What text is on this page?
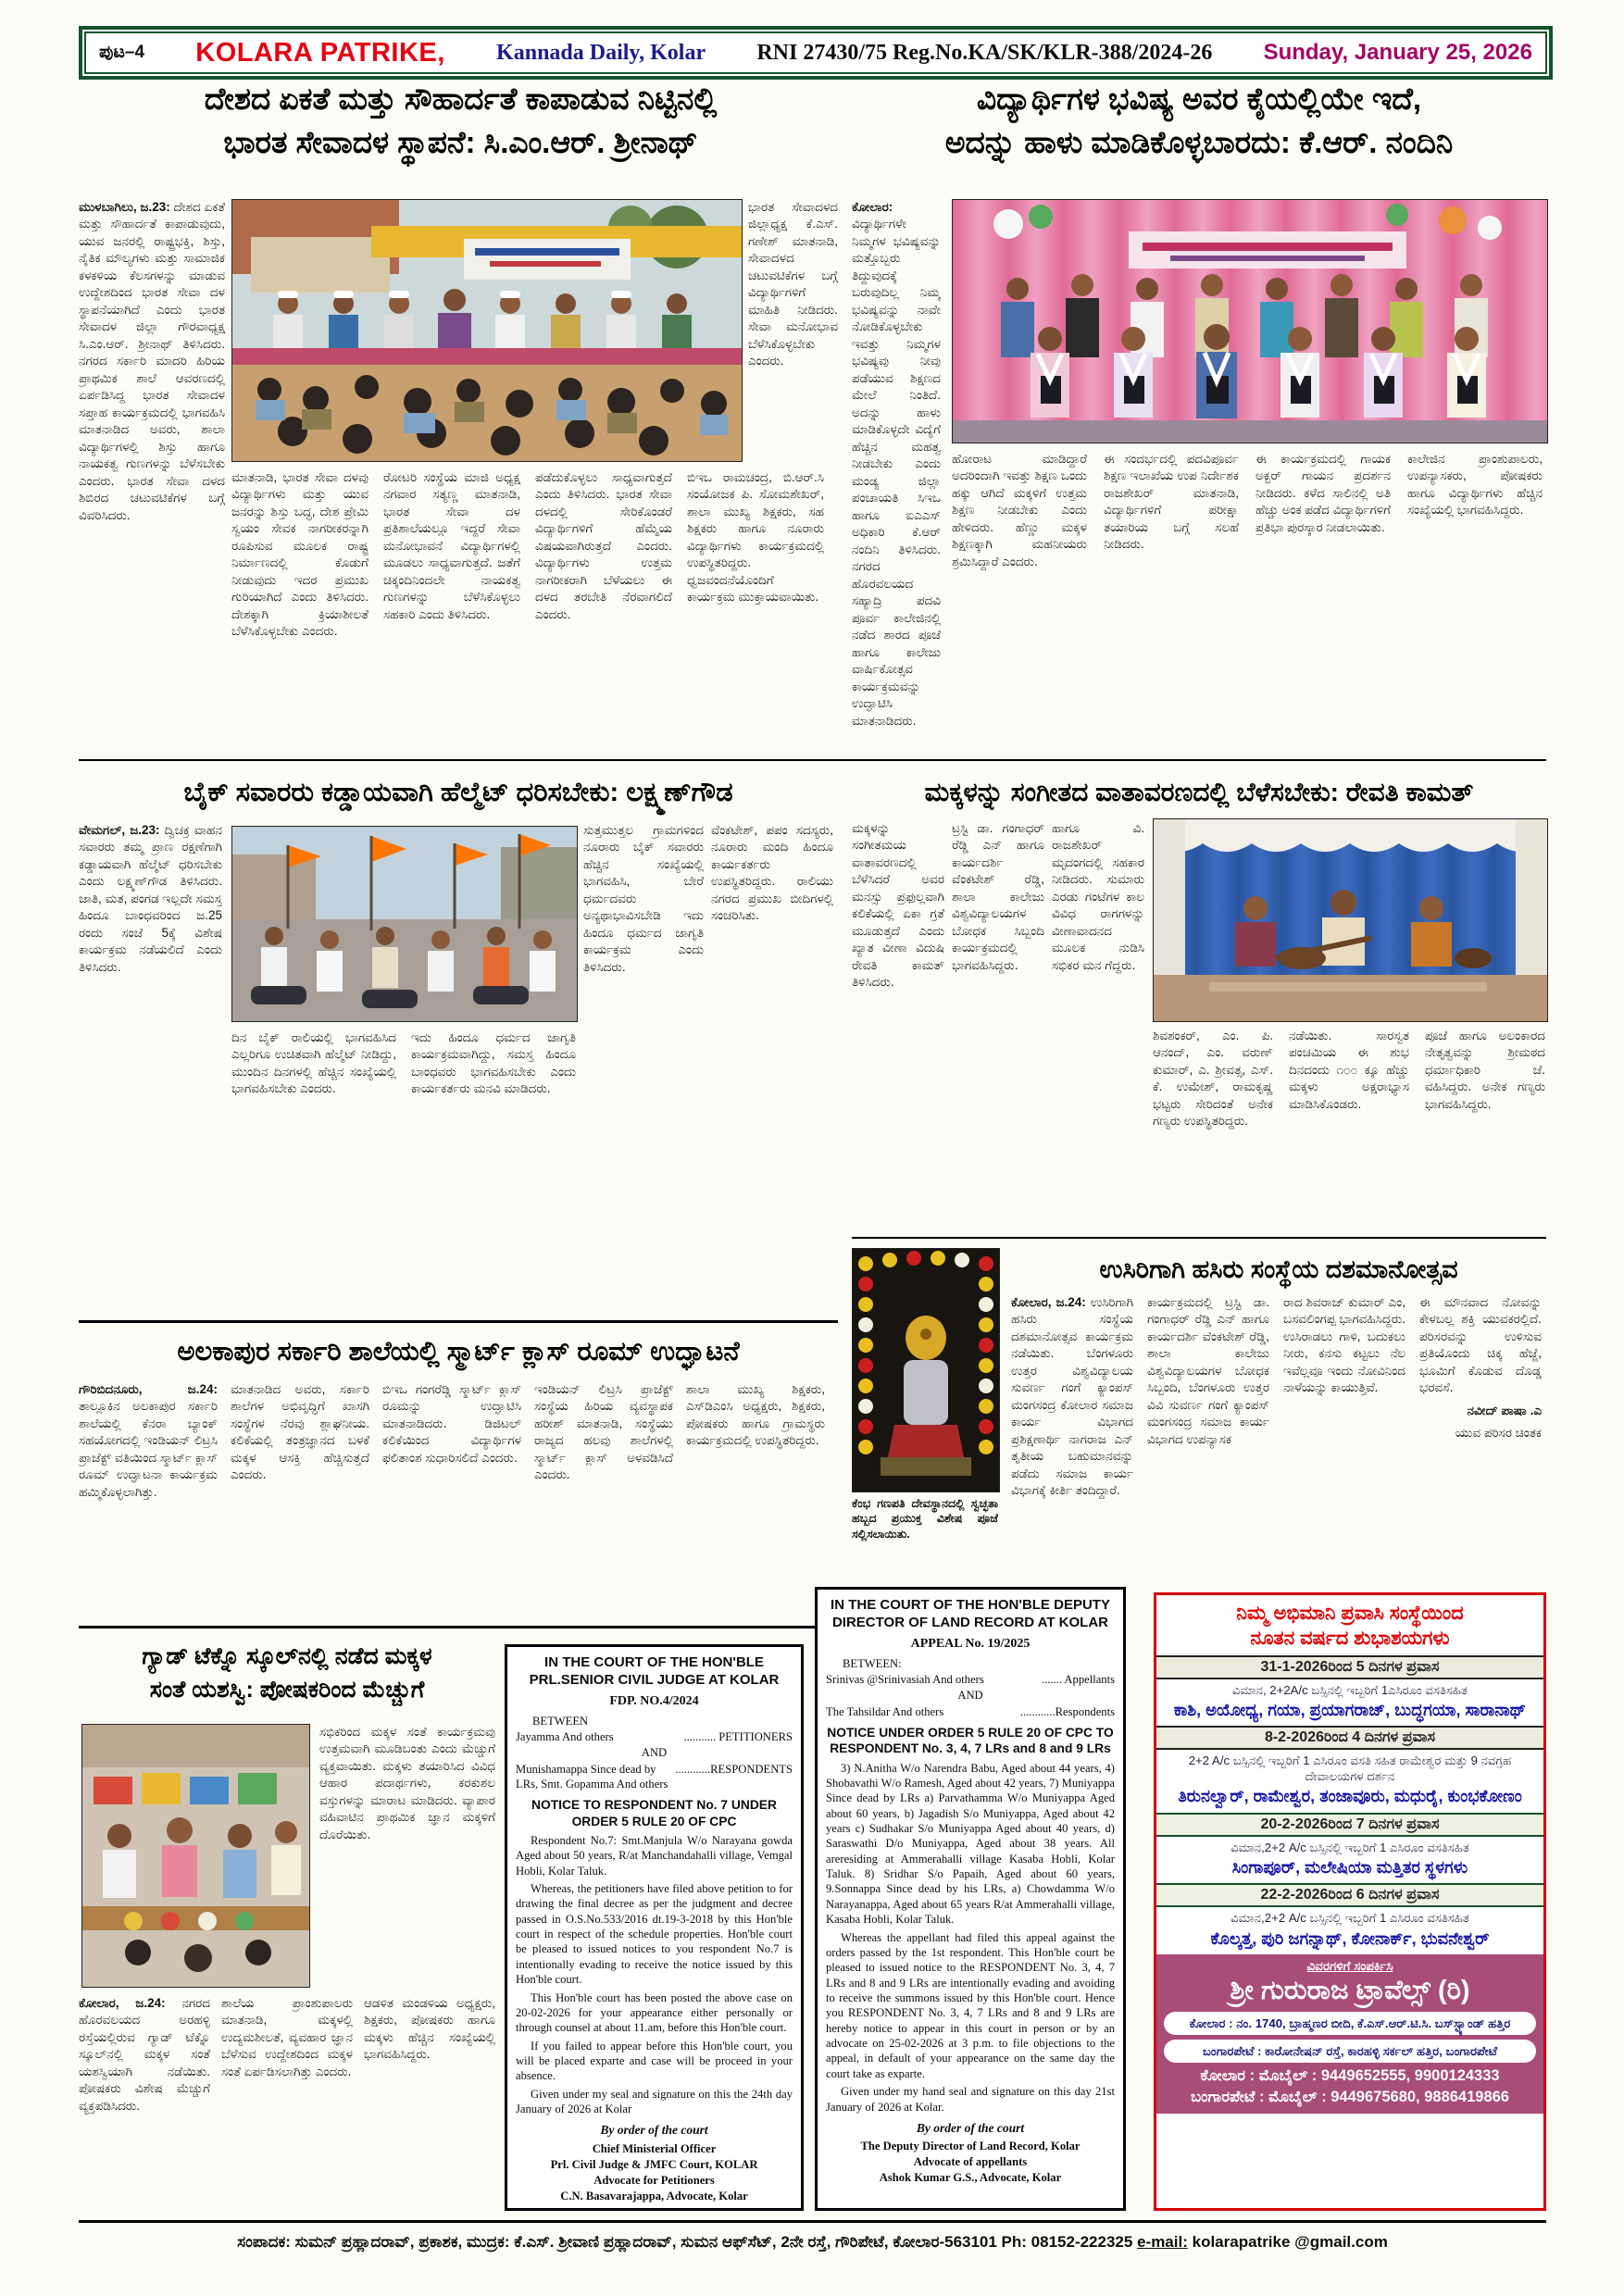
ಪುಟ–4 KOLARA PATRIKE, Kannada Daily, Kolar RNI 27430/75 Reg.No.KA/SK/KLR-388/2024-26 Sunday, January 25, 2026
ದೇಶದ ಏಕತೆ ಮತ್ತು ಸೌಹಾರ್ದತೆ ಕಾಪಾಡುವ ನಿಟ್ಟಿನಲ್ಲಿ
ಭಾರತ ಸೇವಾದಳ ಸ್ಥಾಪನೆ: ಸಿ.ಎಂ.ಆರ್. ಶ್ರೀನಾಥ್
ಮುಳಬಾಗಿಲು, ಜ.23: ದೇಶದ ಏಕತೆ ಮತ್ತು ಸೌಹಾರ್ದತೆ ಕಾಪಾಡುವುದು, ಯುವ ಜನರಲ್ಲಿ ರಾಷ್ಟ್ರಭಕ್ತಿ, ಶಿಸ್ತು, ನೈತಿಕ ಮೌಲ್ಯಗಳು ಮತ್ತು ಸಾಮಾಜಿಕ ಕಳಕಳಿಯ ಕೆಲಸಗಳನ್ನು ಮಾಡುವ ಉದ್ದೇಶದಿಂದ ಭಾರತ ಸೇವಾ ದಳ ಸ್ಥಾಪನೆಯಾಗಿದೆ ಎಂದು ಭಾರತ ಸೇವಾದಳ ಜಿಲ್ಲಾ ಗೌರವಾಧ್ಯಕ್ಷ ಸಿ.ಎಂ.ಆರ್. ಶ್ರೀನಾಥ್ ತಿಳಿಸಿದರು. ನಗರದ ಸರ್ಕಾರಿ ಮಾದರಿ ಹಿರಿಯ ಪ್ರಾಥಮಿಕ ಶಾಲೆ ಆವರಣದಲ್ಲಿ ಏರ್ಪಡಿಸಿದ್ದ ಭಾರತ ಸೇವಾದಳ ಸಪ್ತಾಹ ಕಾರ್ಯಕ್ರಮದಲ್ಲಿ ಭಾಗವಹಿಸಿ ಮಾತನಾಡಿದ ಅವರು, ಶಾಲಾ ವಿದ್ಯಾರ್ಥಿಗಳಲ್ಲಿ ಶಿಸ್ತು ಹಾಗೂ ನಾಯಕತ್ವ ಗುಣಗಳನ್ನು ಬೆಳೆಸಬೇಕು ಎಂದರು. ಭಾರತ ಸೇವಾ ದಳದ ಶಿಬಿರದ ಚಟುವಟಿಕೆಗಳ ಬಗ್ಗೆ ವಿವರಿಸಿದರು.
ಭಾರತ ಸೇವಾದಳದ ಜಿಲ್ಲಾಧ್ಯಕ್ಷ ಕೆ.ಎಸ್. ಗಣೇಶ್ ಮಾತನಾಡಿ, ಸೇವಾದಳದ ಚಟುವಟಿಕೆಗಳ ಬಗ್ಗೆ ವಿದ್ಯಾರ್ಥಿಗಳಿಗೆ ಮಾಹಿತಿ ನೀಡಿದರು. ಸೇವಾ ಮನೋಭಾವ ಬೆಳೆಸಿಕೊಳ್ಳಬೇಕು ಎಂದರು.
ಮಾತನಾಡಿ, ಭಾರತ ಸೇವಾ ದಳವು ವಿದ್ಯಾರ್ಥಿಗಳು ಮತ್ತು ಯುವ ಜನರನ್ನು ಶಿಸ್ತು ಬದ್ಧ, ದೇಶ ಪ್ರೇಮಿ ಸ್ವಯಂ ಸೇವಕ ನಾಗರೀಕರನ್ನಾಗಿ ರೂಪಿಸುವ ಮೂಲಕ ರಾಷ್ಟ್ರ ನಿರ್ಮಾಣದಲ್ಲಿ ಕೊಡುಗೆ ನೀಡುವುದು ಇದರ ಪ್ರಮುಖ ಗುರಿಯಾಗಿದೆ ಎಂದು ತಿಳಿಸಿದರು. ದೇಶಕ್ಕಾಗಿ ಕ್ರಿಯಾಶೀಲತೆ ಬೆಳೆಸಿಕೊಳ್ಳಬೇಕು ಎಂದರು.
ರೋಟರಿ ಸಂಸ್ಥೆಯ ಮಾಜಿ ಅಧ್ಯಕ್ಷ ನಗವಾರ ಸತ್ಯಣ್ಣ ಮಾತನಾಡಿ, ಭಾರತ ಸೇವಾ ದಳ ಪ್ರತಿಶಾಲೆಯಲ್ಲೂ ಇದ್ದರೆ ಸೇವಾ ಮನೋಭಾವನೆ ವಿದ್ಯಾರ್ಥಿಗಳಲ್ಲಿ ಮೂಡಲು ಸಾಧ್ಯವಾಗುತ್ತದೆ. ಜತೆಗೆ ಚಿಕ್ಕಂದಿನಿಂದಲೇ ನಾಯಕತ್ವ ಗುಣಗಳನ್ನು ಬೆಳೆಸಿಕೊಳ್ಳಲು ಸಹಕಾರಿ ಎಂದು ತಿಳಿಸಿದರು.
ಪಡೆದುಕೊಳ್ಳಲು ಸಾಧ್ಯವಾಗುತ್ತದೆ ಎಂದು ತಿಳಿಸಿದರು. ಭಾರತ ಸೇವಾ ದಳದಲ್ಲಿ ಸೇರಿಕೊಂಡರೆ ವಿದ್ಯಾರ್ಥಿಗಳಿಗೆ ಹೆಮ್ಮೆಯ ವಿಷಯವಾಗಿರುತ್ತದೆ ಎಂದರು. ವಿದ್ಯಾರ್ಥಿಗಳು ಉತ್ತಮ ನಾಗರೀಕರಾಗಿ ಬೆಳೆಯಲು ಈ ದಳದ ತರಬೇತಿ ನೆರವಾಗಲಿದೆ ಎಂದರು.
ಬಿಇಒ ರಾಮಚಂದ್ರ, ಬಿ.ಆರ್.ಸಿ ಸಂಯೋಜಕ ಪಿ. ಸೋಮಶೇಖರ್, ಶಾಲಾ ಮುಖ್ಯ ಶಿಕ್ಷಕರು, ಸಹ ಶಿಕ್ಷಕರು ಹಾಗೂ ನೂರಾರು ವಿದ್ಯಾರ್ಥಿಗಳು ಕಾರ್ಯಕ್ರಮದಲ್ಲಿ ಉಪಸ್ಥಿತರಿದ್ದರು. ಧ್ವಜವಂದನೆಯೊಂದಿಗೆ ಕಾರ್ಯಕ್ರಮ ಮುಕ್ತಾಯವಾಯಿತು.
ವಿದ್ಯಾರ್ಥಿಗಳ ಭವಿಷ್ಯ ಅವರ ಕೈಯಲ್ಲಿಯೇ ಇದೆ,
ಅದನ್ನು ಹಾಳು ಮಾಡಿಕೊಳ್ಳಬಾರದು: ಕೆ.ಆರ್. ನಂದಿನಿ
ಕೋಲಾರ: ವಿದ್ಯಾರ್ಥಿಗಳೇ ನಿಮ್ಮಗಳ ಭವಿಷ್ಯವನ್ನು ಮತ್ತೊಬ್ಬರು ತಿದ್ದುವುದಕ್ಕೆ ಬರುವುದಿಲ್ಲ ನಿಮ್ಮ ಭವಿಷ್ಯವನ್ನು ನಾವೇ ನೋಡಿಕೊಳ್ಳಬೇಕು ಇವತ್ತು ನಿಮ್ಮಗಳ ಭವಿಷ್ಯವು ನೀವು ಪಡೆಯುವ ಶಿಕ್ಷಣದ ಮೇಲೆ ನಿಂತಿದೆ. ಅದನ್ನು ಹಾಳು ಮಾಡಿಕೊಳ್ಳದೇ ವಿದ್ಯೆಗೆ ಹೆಚ್ಚಿನ ಮಹತ್ವ ನೀಡಬೇಕು ಎಂದು ಮಂಡ್ಯ ಜಿಲ್ಲಾ ಪಂಚಾಯತಿ ಸಿಇಒ ಹಾಗೂ ಐಎಎಸ್ ಅಧಿಕಾರಿ ಕೆ.ಆರ್ ನಂದಿನಿ ತಿಳಿಸಿದರು. ನಗರದ ಹೊರವಲಯದ ಸಹ್ಯಾದ್ರಿ ಪದವಿ ಪೂರ್ವ ಕಾಲೇಜಿನಲ್ಲಿ ನಡೆದ ಶಾರದ ಪೂಜೆ ಹಾಗೂ ಕಾಲೇಜು ವಾರ್ಷಿಕೋತ್ಸವ ಕಾರ್ಯಕ್ರಮವನ್ನು ಉದ್ಘಾಟಿಸಿ ಮಾತನಾಡಿದರು.
ಹೋರಾಟ ಮಾಡಿದ್ದಾರೆ ಅದರಿಂದಾಗಿ ಇವತ್ತು ಶಿಕ್ಷಣ ಒಂದು ಹಕ್ಕು ಆಗಿದೆ ಮಕ್ಕಳಿಗೆ ಉತ್ತಮ ಶಿಕ್ಷಣ ನೀಡಬೇಕು ಎಂದು ಹೇಳಿದರು. ಹೆಣ್ಣು ಮಕ್ಕಳ ಶಿಕ್ಷಣಕ್ಕಾಗಿ ಮಹನೀಯರು ಶ್ರಮಿಸಿದ್ದಾರೆ ಎಂದರು.
ಈ ಸಂದರ್ಭದಲ್ಲಿ ಪದವಿಪೂರ್ವ ಶಿಕ್ಷಣ ಇಲಾಖೆಯ ಉಪ ನಿರ್ದೇಶಕ ರಾಜಶೇಖರ್ ಮಾತನಾಡಿ, ವಿದ್ಯಾರ್ಥಿಗಳಿಗೆ ಪರೀಕ್ಷಾ ತಯಾರಿಯ ಬಗ್ಗೆ ಸಲಹೆ ನೀಡಿದರು.
ಈ ಕಾರ್ಯಕ್ರಮದಲ್ಲಿ ಗಾಯಕ ಅಕ್ಬರ್ ಗಾಯನ ಪ್ರದರ್ಶನ ನೀಡಿದರು. ಕಳೆದ ಸಾಲಿನಲ್ಲಿ ಅತಿ ಹೆಚ್ಚು ಅಂಕ ಪಡೆದ ವಿದ್ಯಾರ್ಥಿಗಳಿಗೆ ಪ್ರತಿಭಾ ಪುರಸ್ಕಾರ ನೀಡಲಾಯಿತು.
ಕಾಲೇಜಿನ ಪ್ರಾಂಶುಪಾಲರು, ಉಪನ್ಯಾಸಕರು, ಪೋಷಕರು ಹಾಗೂ ವಿದ್ಯಾರ್ಥಿಗಳು ಹೆಚ್ಚಿನ ಸಂಖ್ಯೆಯಲ್ಲಿ ಭಾಗವಹಿಸಿದ್ದರು.
ಬೈಕ್ ಸವಾರರು ಕಡ್ಡಾಯವಾಗಿ ಹೆಲ್ಮೆಟ್ ಧರಿಸಬೇಕು: ಲಕ್ಷ್ಮಣ್‌ಗೌಡ
ವೇಮಗಲ್, ಜ.23: ದ್ವಿಚಕ್ರ ವಾಹನ ಸವಾರರು ತಮ್ಮ ಪ್ರಾಣ ರಕ್ಷಣೆಗಾಗಿ ಕಡ್ಡಾಯವಾಗಿ ಹೆಲ್ಮೆಟ್ ಧರಿಸಬೇಕು ಎಂದು ಲಕ್ಷ್ಮಣ್‌ಗೌಡ ತಿಳಿಸಿದರು. ಜಾತಿ, ಮತ, ಪಂಗಡ ಇಲ್ಲದೇ ಸಮಸ್ತ ಹಿಂದೂ ಬಾಂಧವರಿಂದ ಜ.25 ರಂದು ಸಂಜೆ 5ಕ್ಕೆ ವಿಶೇಷ ಕಾರ್ಯಕ್ರಮ ನಡೆಯಲಿದೆ ಎಂದು ತಿಳಿಸಿದರು.
ಸುತ್ತಮುತ್ತಲ ಗ್ರಾಮಗಳಿಂದ ನೂರಾರು ಬೈಕ್ ಸವಾರರು ಹೆಚ್ಚಿನ ಸಂಖ್ಯೆಯಲ್ಲಿ ಭಾಗವಹಿಸಿ, ಬೇರೆ ಧರ್ಮದವರು ಅನ್ಯಥಾಭಾವಿಸಬೇಡಿ ಇದು ಹಿಂದೂ ಧರ್ಮದ ಜಾಗೃತಿ ಕಾರ್ಯಕ್ರಮ ಎಂದು ತಿಳಿಸಿದರು.
ವೆಂಕಟೇಶ್, ಪಪಂ ಸದಸ್ಯರು, ನೂರಾರು ಮಂದಿ ಹಿಂದೂ ಕಾರ್ಯಕರ್ತರು ಉಪಸ್ಥಿತರಿದ್ದರು. ರಾಲಿಯು ನಗರದ ಪ್ರಮುಖ ಬೀದಿಗಳಲ್ಲಿ ಸಂಚರಿಸಿತು.
ದಿನ ಬೈಕ್ ರಾಲಿಯಲ್ಲಿ ಭಾಗವಹಿಸಿದ ಎಲ್ಲರಿಗೂ ಉಚಿತವಾಗಿ ಹೆಲ್ಮೆಟ್ ನೀಡಿದ್ದು, ಮುಂದಿನ ದಿನಗಳಲ್ಲಿ ಹೆಚ್ಚಿನ ಸಂಖ್ಯೆಯಲ್ಲಿ ಭಾಗವಹಿಸಬೇಕು ಎಂದರು.
ಇದು ಹಿಂದೂ ಧರ್ಮದ ಜಾಗೃತಿ ಕಾರ್ಯಕ್ರಮವಾಗಿದ್ದು, ಸಮಸ್ತ ಹಿಂದೂ ಬಾಂಧವರು ಭಾಗವಹಿಸಬೇಕು ಎಂದು ಕಾರ್ಯಕರ್ತರು ಮನವಿ ಮಾಡಿದರು.
ಮಕ್ಕಳನ್ನು ಸಂಗೀತದ ವಾತಾವರಣದಲ್ಲಿ ಬೆಳೆಸಬೇಕು: ರೇವತಿ ಕಾಮತ್
ಮಕ್ಕಳನ್ನು ಸಂಗೀತಮಯ ವಾತಾವರಣದಲ್ಲಿ ಬೆಳೆಸಿದರೆ ಅವರ ಮನಸ್ಸು ಪ್ರಫುಲ್ಲವಾಗಿ ಕಲಿಕೆಯಲ್ಲಿ ಏಕಾ ಗ್ರತೆ ಮೂಡುತ್ತದೆ ಎಂದು ಖ್ಯಾತ ವೀಣಾ ವಿದುಷಿ ರೇವತಿ ಕಾಮತ್ ತಿಳಿಸಿದರು.
ಟ್ರಸ್ಟಿ ಡಾ. ಗಂಗಾಧರ್ ರೆಡ್ಡಿ ಎನ್ ಹಾಗೂ ಕಾರ್ಯದರ್ಶಿ ವೆಂಕಟೇಶ್ ರೆಡ್ಡಿ, ಶಾಲಾ ಕಾಲೇಜು ವಿಶ್ವವಿದ್ಯಾಲಯಗಳ ಬೋಧಕ ಸಿಬ್ಬಂದಿ ಕಾರ್ಯಕ್ರಮದಲ್ಲಿ ಭಾಗವಹಿಸಿದ್ದರು.
ಹಾಗೂ ವಿ. ರಾಜಶೇಖರ್ ಮೃದಂಗದಲ್ಲಿ ಸಹಕಾರ ನೀಡಿದರು. ಸುಮಾರು ಎರಡು ಗಂಟೆಗಳ ಕಾಲ ವಿವಿಧ ರಾಗಗಳನ್ನು ವೀಣಾವಾದನದ ಮೂಲಕ ನುಡಿಸಿ ಸಭಿಕರ ಮನ ಗೆದ್ದರು.
ಶಿವಶಂಕರ್, ಎಂ. ಪಿ. ಆನಂದ್, ಎಂ. ವರುಣ್ ಕುಮಾರ್, ಎ. ಶ್ರೀವತ್ಸ, ಎಸ್. ಕೆ. ಉಮೇಶ್, ರಾಮಕೃಷ್ಣ ಭಟ್ಟರು ಸೇರಿದಂತೆ ಅನೇಕ ಗಣ್ಯರು ಉಪಸ್ಥಿತರಿದ್ದರು.
ನಡೆಯಿತು. ಸಾರಸ್ವತ ಪಂಚಮಿಯ ಈ ಶುಭ ದಿನದಂದು ೧೦೦ ಕ್ಕೂ ಹೆಚ್ಚು ಮಕ್ಕಳು ಅಕ್ಷರಾಭ್ಯಾಸ ಮಾಡಿಸಿಕೊಂಡರು.
ಪೂಜೆ ಹಾಗೂ ಅಲಂಕಾರದ ನೇತೃತ್ವವನ್ನು ಶ್ರೀಮಠದ ಧರ್ಮಾಧಿಕಾರಿ ಜೆ. ವಹಿಸಿದ್ದರು. ಅನೇಕ ಗಣ್ಯರು ಭಾಗವಹಿಸಿದ್ದರು.
ಕೆಂಭ ಗಣಪತಿ ದೇವಸ್ಥಾನದಲ್ಲಿ ಸ್ವಚ್ಛತಾ ಹಬ್ಬದ ಪ್ರಯುಕ್ತ ವಿಶೇಷ ಪೂಜೆ ಸಲ್ಲಿಸಲಾಯಿತು.
ಉಸಿರಿಗಾಗಿ ಹಸಿರು ಸಂಸ್ಥೆಯ ದಶಮಾನೋತ್ಸವ
ಕೋಲಾರ, ಜ.24: ಉಸಿರಿಗಾಗಿ ಹಸಿರು ಸಂಸ್ಥೆಯ ದಶಮಾನೋತ್ಸವ ಕಾರ್ಯಕ್ರಮ ನಡೆಯಿತು. ಬೆಂಗಳೂರು ಉತ್ತರ ವಿಶ್ವವಿದ್ಯಾಲಯ ಸುವರ್ಣ ಗಂಗೆ ಕ್ಯಾಂಪಸ್ ಮಂಗಸಂದ್ರ ಕೋಲಾರ ಸಮಾಜ ಕಾರ್ಯ ವಿಭಾಗದ ಪ್ರಶಿಕ್ಷಣಾರ್ಥಿ ನಾಗರಾಜ ಎನ್ ತೃತೀಯ ಬಹುಮಾನವನ್ನು ಪಡೆದು ಸಮಾಜ ಕಾರ್ಯ ವಿಭಾಗಕ್ಕೆ ಕೀರ್ತಿ ತಂದಿದ್ದಾರೆ.
ಕಾರ್ಯಕ್ರಮದಲ್ಲಿ ಟ್ರಸ್ಟಿ ಡಾ. ಗಂಗಾಧರ್ ರೆಡ್ಡಿ ಎನ್ ಹಾಗೂ ಕಾರ್ಯದರ್ಶಿ ವೆಂಕಟೇಶ್ ರೆಡ್ಡಿ, ಶಾಲಾ ಕಾಲೇಜು ವಿಶ್ವವಿದ್ಯಾಲಯಗಳ ಬೋಧಕ ಸಿಬ್ಬಂದಿ, ಬೆಂಗಳೂರು ಉತ್ತರ ವಿವಿ ಸುವರ್ಣ ಗಂಗೆ ಕ್ಯಾಂಪಸ್ ಮಂಗಸಂದ್ರ ಸಮಾಜ ಕಾರ್ಯ ವಿಭಾಗದ ಉಪನ್ಯಾಸಕ
ರಾದ ಶಿವರಾಜ್ ಕುಮಾರ್ ಎಂ, ಬಸವಲಿಂಗಪ್ಪ ಭಾಗವಹಿಸಿದ್ದರು. ಉಸಿರಾಡಲು ಗಾಳಿ, ಬದುಕಲು ನೀರು, ಕನಸು ಕಟ್ಟಲು ನೆಲ ಇವೆಲ್ಲವೂ ಇಂದು ನೋವಿನಿಂದ ನಾಳೆಯನ್ನು ಕಾಯುತ್ತಿವೆ.
ಈ ಮೌನವಾದ ನೋವನ್ನು ಕೇಳಬಲ್ಲ ಶಕ್ತಿ ಯುವಕರಲ್ಲಿದೆ. ಪರಿಸರವನ್ನು ಉಳಿಸುವ ಪ್ರತಿಯೊಂದು ಚಿಕ್ಕ ಹೆಜ್ಜೆ, ಭೂಮಿಗೆ ಕೊಡುವ ದೊಡ್ಡ ಭರವಸೆ.
ನವೀದ್ ಪಾಷಾ .ಎ
ಯುವ ಪರಿಸರ ಚಿಂತಕ
ಅಲಕಾಪುರ ಸರ್ಕಾರಿ ಶಾಲೆಯಲ್ಲಿ ಸ್ಮಾರ್ಟ್ ಕ್ಲಾಸ್ ರೂಮ್ ಉದ್ಘಾಟನೆ
ಗೌರಿಬಿದನೂರು, ಜ.24: ತಾಲ್ಲೂಕಿನ ಅಲಕಾಪುರ ಸರ್ಕಾರಿ ಶಾಲೆಯಲ್ಲಿ ಕೆನರಾ ಬ್ಯಾಂಕ್ ಸಹಯೋಗದಲ್ಲಿ ಇಂಡಿಯನ್ ಲಿಟ್ರಸಿ ಪ್ರಾಜೆಕ್ಟ್ ವತಿಯಿಂದ ಸ್ಮಾರ್ಟ್ ಕ್ಲಾಸ್ ರೂಮ್ ಉದ್ಘಾಟನಾ ಕಾರ್ಯಕ್ರಮ ಹಮ್ಮಿಕೊಳ್ಳಲಾಗಿತ್ತು.
ಮಾತನಾಡಿದ ಅವರು, ಸರ್ಕಾರಿ ಶಾಲೆಗಳ ಅಭಿವೃದ್ಧಿಗೆ ಖಾಸಗಿ ಸಂಸ್ಥೆಗಳ ನೆರವು ಶ್ಲಾಘನೀಯ. ಕಲಿಕೆಯಲ್ಲಿ ತಂತ್ರಜ್ಞಾನದ ಬಳಕೆ ಮಕ್ಕಳ ಆಸಕ್ತಿ ಹೆಚ್ಚಿಸುತ್ತದೆ ಎಂದರು.
ಬಿಇಒ ಗಂಗರೆಡ್ಡಿ ಸ್ಮಾರ್ಟ್ ಕ್ಲಾಸ್ ರೂಮನ್ನು ಉದ್ಘಾಟಿಸಿ ಮಾತನಾಡಿದರು. ಡಿಜಿಟಲ್ ಕಲಿಕೆಯಿಂದ ವಿದ್ಯಾರ್ಥಿಗಳ ಫಲಿತಾಂಶ ಸುಧಾರಿಸಲಿದೆ ಎಂದರು.
ಇಂಡಿಯನ್ ಲಿಟ್ರಸಿ ಪ್ರಾಜೆಕ್ಟ್ ಸಂಸ್ಥೆಯ ಹಿರಿಯ ವ್ಯವಸ್ಥಾಪಕ ಹರೀಶ್ ಮಾತನಾಡಿ, ಸಂಸ್ಥೆಯು ರಾಜ್ಯದ ಹಲವು ಶಾಲೆಗಳಲ್ಲಿ ಸ್ಮಾರ್ಟ್ ಕ್ಲಾಸ್ ಅಳವಡಿಸಿದೆ ಎಂದರು.
ಶಾಲಾ ಮುಖ್ಯ ಶಿಕ್ಷಕರು, ಎಸ್‌ಡಿಎಂಸಿ ಅಧ್ಯಕ್ಷರು, ಶಿಕ್ಷಕರು, ಪೋಷಕರು ಹಾಗೂ ಗ್ರಾಮಸ್ಥರು ಕಾರ್ಯಕ್ರಮದಲ್ಲಿ ಉಪಸ್ಥಿತರಿದ್ದರು.
ಗ್ಯಾಡ್ ಟೆಕ್ನೊ ಸ್ಕೂಲ್‌ನಲ್ಲಿ ನಡೆದ ಮಕ್ಕಳ
ಸಂತೆ ಯಶಸ್ವಿ: ಪೋಷಕರಿಂದ ಮೆಚ್ಚುಗೆ
ಸಭಿಕರಿಂದ ಮಕ್ಕಳ ಸಂತೆ ಕಾರ್ಯಕ್ರಮವು ಉತ್ತಮವಾಗಿ ಮೂಡಿಬಂತು ಎಂದು ಮೆಚ್ಚುಗೆ ವ್ಯಕ್ತವಾಯಿತು. ಮಕ್ಕಳು ತಯಾರಿಸಿದ ವಿವಿಧ ಆಹಾರ ಪದಾರ್ಥಗಳು, ಕರಕುಶಲ ವಸ್ತುಗಳನ್ನು ಮಾರಾಟ ಮಾಡಿದರು. ವ್ಯಾಪಾರ ವಹಿವಾಟಿನ ಪ್ರಾಥಮಿಕ ಜ್ಞಾನ ಮಕ್ಕಳಿಗೆ ದೊರೆಯಿತು.
ಕೋಲಾರ, ಜ.24: ನಗರದ ಹೊರವಲಯದ ಅರಹಳ್ಳಿ ರಸ್ತೆಯಲ್ಲಿರುವ ಗ್ಯಾಡ್ ಟೆಕ್ನೊ ಸ್ಕೂಲ್‌ನಲ್ಲಿ ಮಕ್ಕಳ ಸಂತೆ ಯಶಸ್ವಿಯಾಗಿ ನಡೆಯಿತು. ಪೋಷಕರು ವಿಶೇಷ ಮೆಚ್ಚುಗೆ ವ್ಯಕ್ತಪಡಿಸಿದರು.
ಶಾಲೆಯ ಪ್ರಾಂಶುಪಾಲರು ಮಾತನಾಡಿ, ಮಕ್ಕಳಲ್ಲಿ ಉದ್ಯಮಶೀಲತೆ, ವ್ಯವಹಾರ ಜ್ಞಾನ ಬೆಳೆಸುವ ಉದ್ದೇಶದಿಂದ ಮಕ್ಕಳ ಸಂತೆ ಏರ್ಪಡಿಸಲಾಗಿತ್ತು ಎಂದರು.
ಆಡಳಿತ ಮಂಡಳಿಯ ಅಧ್ಯಕ್ಷರು, ಶಿಕ್ಷಕರು, ಪೋಷಕರು ಹಾಗೂ ಮಕ್ಕಳು ಹೆಚ್ಚಿನ ಸಂಖ್ಯೆಯಲ್ಲಿ ಭಾಗವಹಿಸಿದ್ದರು.
IN THE COURT OF THE HON'BLE
PRL.SENIOR CIVIL JUDGE AT KOLAR
FDP. NO.4/2024
BETWEEN
Jayamma And others	........... PETITIONERS
AND
Munishamappa Since dead by LRs, Smt. Gopamma And others
............RESPONDENTS
NOTICE TO RESPONDENT No. 7 UNDER
ORDER 5 RULE 20 OF CPC
Respondent No.7: Smt.Manjula W/o Narayana gowda Aged about 50 years, R/at Manchandahalli village, Vemgal Hobli, Kolar Taluk.
Whereas, the petitioners have filed above petition to for drawing the final decree as per the judgment and decree passed in O.S.No.533/2016 dt.19-3-2018 by this Hon'ble court in respect of the schedule properties. Hon'ble court be pleased to issued notices to you respondent No.7 is intentionally evading to receive the notice issued by this Hon'ble court.
This Hon'ble court has been posted the above case on 20-02-2026 for your appearance either personally or through counsel at about 11.am, before this Hon'ble court.
If you failed to appear before this Hon'ble court, you will be placed exparte and case will be proceed in your absence.
Given under my seal and signature on this the 24th day January of 2026 at Kolar
By order of the court
Chief Ministerial Officer
Prl. Civil Judge & JMFC Court, KOLAR
Advocate for Petitioners
C.N. Basavarajappa, Advocate, Kolar
IN THE COURT OF THE HON'BLE DEPUTY
DIRECTOR OF LAND RECORD AT KOLAR
APPEAL No. 19/2025
BETWEEN:
Srinivas @Srinivasiah And others	....... Appellants
AND
The Tahsildar And others	............Respondents
NOTICE UNDER ORDER 5 RULE 20 OF CPC TO
RESPONDENT No. 3, 4, 7 LRs and 8 and 9 LRs
3) N.Anitha W/o Narendra Babu, Aged about 44 years, 4) Shobavathi W/o Ramesh, Aged about 42 years, 7) Muniyappa Since dead by LRs a) Parvathamma W/o Muniyappa Aged about 60 years, b) Jagadish S/o Muniyappa, Aged about 42 years c) Sudhakar S/o Muniyappa Aged about 40 years, d) Saraswathi D/o Muniyappa, Aged about 38 years. All areresiding at Ammerahalli village Kasaba Hobli, Kolar Taluk. 8) Sridhar S/o Papaih, Aged about 60 years, 9.Sonnappa Since dead by his LRs, a) Chowdamma W/o Narayanappa, Aged about 65 years R/at Ammerahalli village, Kasaba Hobli, Kolar Taluk.
Whereas the appellant had filed this appeal against the orders passed by the 1st respondent. This Hon'ble court be pleased to issued notice to the RESPONDENT No. 3, 4, 7 LRs and 8 and 9 LRs are intentionally evading and avoiding to receive the summons issued by this Hon'ble court. Hence you RESPONDENT No. 3, 4, 7 LRs and 8 and 9 LRs are hereby notice to appear in this court in person or by an advocate on 25-02-2026 at 3 p.m. to file objections to the appeal, in default of your appearance on the same day the court take as exparte.
Given under my hand seal and signature on this day 21st January of 2026 at Kolar.
By order of the court
The Deputy Director of Land Record, Kolar
Advocate of appellants
Ashok Kumar G.S., Advocate, Kolar
ನಿಮ್ಮ ಅಭಿಮಾನಿ ಪ್ರವಾಸಿ ಸಂಸ್ಥೆಯಿಂದ
ನೂತನ ವರ್ಷದ ಶುಭಾಶಯಗಳು
31-1-2026ರಿಂದ 5 ದಿನಗಳ ಪ್ರವಾಸ
ವಿಮಾನ, 2+2A/c ಬಸ್ಸಿನಲ್ಲಿ ಇಬ್ಬರಿಗೆ 1ಎಸಿರೂಂ ವಸತಿಸಹಿತ
ಕಾಶಿ, ಅಯೋಧ್ಯ, ಗಯಾ, ಪ್ರಯಾಗರಾಜ್, ಬುದ್ಧಗಯಾ, ಸಾರಾನಾಥ್
8-2-2026ರಿಂದ 4 ದಿನಗಳ ಪ್ರವಾಸ
2+2 A/c ಬಸ್ಸಿನಲ್ಲಿ ಇಬ್ಬರಿಗೆ 1 ಎಸಿರೂಂ ವಸತಿ ಸಹಿತ ರಾಮೇಶ್ವರ ಮತ್ತು 9 ನವಗ್ರಹ ದೇವಾಲಯಗಳ ದರ್ಶನ
ತಿರುನಲ್ವಾರ್, ರಾಮೇಶ್ವರ, ತಂಜಾವೂರು, ಮಧುರೈ, ಕುಂಭಕೋಣಂ
20-2-2026ರಿಂದ 7 ದಿನಗಳ ಪ್ರವಾಸ
ವಿಮಾನ,2+2 A/c ಬಸ್ಸಿನಲ್ಲಿ ಇಬ್ಬರಿಗೆ 1 ಎಸಿರೂಂ ವಸತಿಸಹಿತ
ಸಿಂಗಾಪೂರ್, ಮಲೇಷಿಯಾ ಮತ್ತಿತರ ಸ್ಥಳಗಳು
22-2-2026ರಿಂದ 6 ದಿನಗಳ ಪ್ರವಾಸ
ವಿಮಾನ,2+2 A/c ಬಸ್ಸಿನಲ್ಲಿ ಇಬ್ಬರಿಗೆ 1 ಎಸಿರೂಂ ವಸತಿಸಹಿತ
ಕೊಲ್ಕತ್ತ, ಪುರಿ ಜಗನ್ನಾಥ್, ಕೋನಾರ್ಕ್, ಭುವನೇಶ್ವರ್
ವಿವರಗಳಿಗೆ ಸಂಪರ್ಕಿಸಿ
ಶ್ರೀ ಗುರುರಾಜ ಟ್ರಾವೆಲ್ಸ್ (ರಿ)
ಕೋಲಾರ : ನಂ. 1740, ಬ್ರಾಹ್ಮಣರ ಬೀದಿ, ಕೆ.ಎಸ್.ಆರ್.ಟಿ.ಸಿ. ಬಸ್‌ಸ್ಟ್ಯಾಂಡ್ ಹತ್ತಿರ
ಬಂಗಾರಪೇಟೆ : ಕಾರೋನೇಷನ್ ರಸ್ತೆ, ಕಾರಹಳ್ಳಿ ಸರ್ಕಲ್ ಹತ್ತಿರ, ಬಂಗಾರಪೇಟೆ
ಕೋಲಾರ : ಮೊಬೈಲ್ : 9449652555, 9900124333
ಬಂಗಾರಪೇಟೆ : ಮೊಬೈಲ್ : 9449675680, 9886419866
ಸಂಪಾದಕ: ಸುಮನ್ ಪ್ರಹ್ಲಾದರಾವ್, ಪ್ರಕಾಶಕ, ಮುದ್ರಕ: ಕೆ.ಎಸ್. ಶ್ರೀವಾಣಿ ಪ್ರಹ್ಲಾದರಾವ್, ಸುಮನ ಆಫ್‌ಸೆಟ್, 2ನೇ ರಸ್ತೆ, ಗೌರಿಪೇಟೆ, ಕೋಲಾರ-563101 Ph: 08152-222325 e-mail: kolarapatrike @gmail.com
